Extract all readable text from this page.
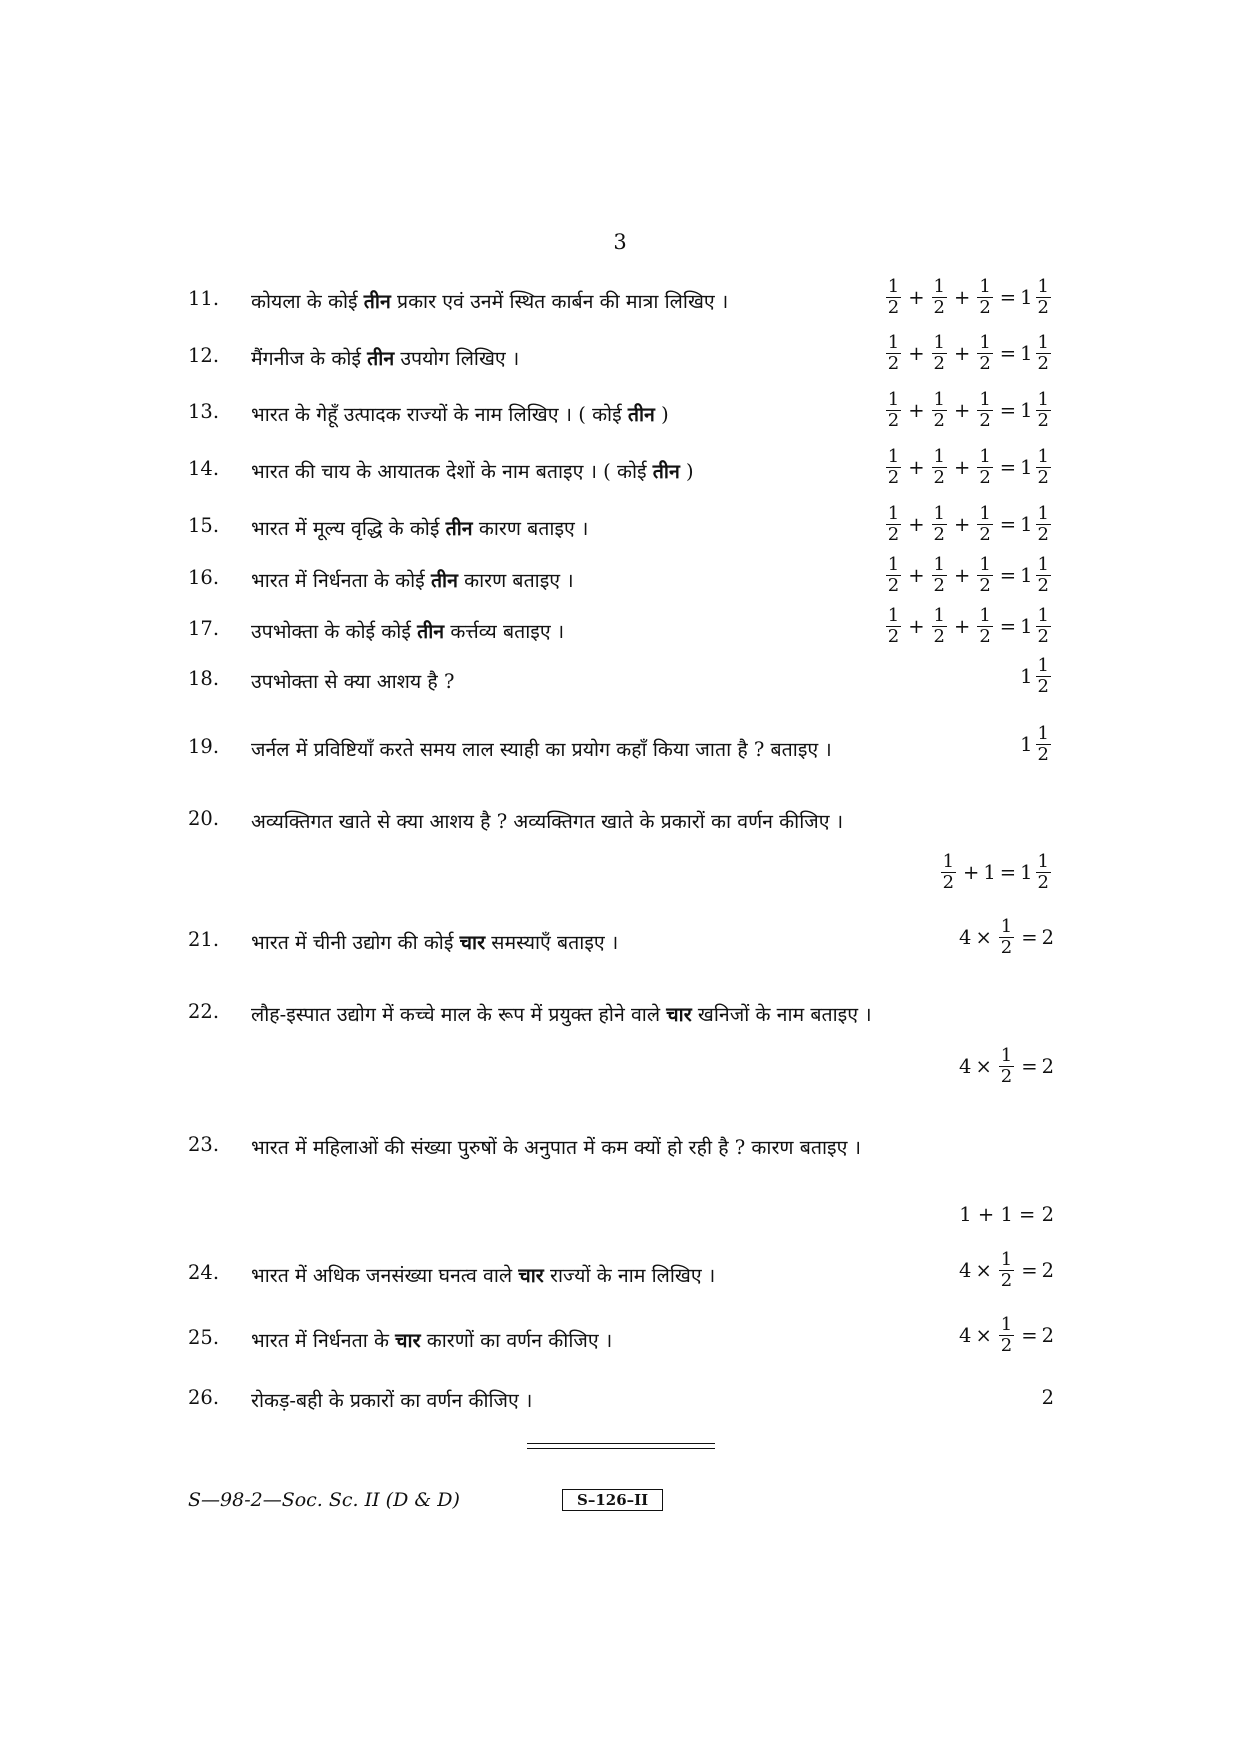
3
11.	कोयला के कोई तीन प्रकार एवं उनमें स्थित कार्बन की मात्रा लिखिए ।	$\frac{1}{2} + \frac{1}{2} + \frac{1}{2} = 1 \frac{1}{2}$
12.	मैंगनीज के कोई तीन उपयोग लिखिए ।	$\frac{1}{2} + \frac{1}{2} + \frac{1}{2} = 1 \frac{1}{2}$
13.	भारत के गेहूँ उत्पादक राज्यों के नाम लिखिए । ( कोई तीन )	$\frac{1}{2} + \frac{1}{2} + \frac{1}{2} = 1 \frac{1}{2}$
14.	भारत की चाय के आयातक देशों के नाम बताइए । ( कोई तीन )	$\frac{1}{2} + \frac{1}{2} + \frac{1}{2} = 1 \frac{1}{2}$
15.	भारत में मूल्य वृद्धि के कोई तीन कारण बताइए ।	$\frac{1}{2} + \frac{1}{2} + \frac{1}{2} = 1 \frac{1}{2}$
16.	भारत में निर्धनता के कोई तीन कारण बताइए ।	$\frac{1}{2} + \frac{1}{2} + \frac{1}{2} = 1 \frac{1}{2}$
17.	उपभोक्ता के कोई कोई तीन कर्त्तव्य बताइए ।	$\frac{1}{2} + \frac{1}{2} + \frac{1}{2} = 1 \frac{1}{2}$
18.	उपभोक्ता से क्या आशय है ?	$1 \frac{1}{2}$
19.	जर्नल में प्रविष्टियाँ करते समय लाल स्याही का प्रयोग कहाँ किया जाता है ? बताइए ।	$1 \frac{1}{2}$
20.	अव्यक्तिगत खाते से क्या आशय है ? अव्यक्तिगत खाते के प्रकारों का वर्णन कीजिए ।
$\frac{1}{2} + 1 = 1 \frac{1}{2}$
21.	भारत में चीनी उद्योग की कोई चार समस्याएँ बताइए ।	$4 \times \frac{1}{2} = 2$
22.	लौह-इस्पात उद्योग में कच्चे माल के रूप में प्रयुक्त होने वाले चार खनिजों के नाम बताइए ।
$4 \times \frac{1}{2} = 2$
23.	भारत में महिलाओं की संख्या पुरुषों के अनुपात में कम क्यों हो रही है ? कारण बताइए ।
1 + 1 = 2
24.	भारत में अधिक जनसंख्या घनत्व वाले चार राज्यों के नाम लिखिए ।	$4 \times \frac{1}{2} = 2$
25.	भारत में निर्धनता के चार कारणों का वर्णन कीजिए ।	$4 \times \frac{1}{2} = 2$
26.	रोकड़-बही के प्रकारों का वर्णन कीजिए ।	2
S—98-2—Soc. Sc. II (D & D)	S–126–II
